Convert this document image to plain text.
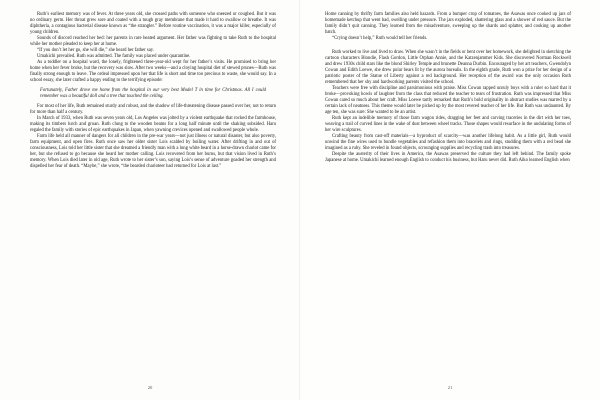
Ruth’s earliest memory was of fever. At three years old, she crossed paths with someone who sneezed or coughed. But it was no ordinary germ. Her throat grew sore and coated with a tough gray membrane that made it hard to swallow or breathe. It was diphtheria, a contagious bacterial disease known as “the strangler.” Before routine vaccination, it was a major killer, especially of young children.

Sounds of discord reached her bed: her parents in rare heated argument. Her father was fighting to take Ruth to the hospital while her mother pleaded to keep her at home.

“If you don’t let her go, she will die,” she heard her father say.

Umakichi prevailed. Ruth was admitted. The family was placed under quarantine.

As a toddler on a hospital ward, the lonely, frightened three-year-old wept for her father’s visits. He promised to bring her home when her fever broke, but the recovery was slow. After two weeks—and a cloying hospital diet of stewed prunes—Ruth was finally strong enough to leave. The ordeal impressed upon her that life is short and time too precious to waste, she would say. In a school essay, she later crafted a happy ending to the terrifying episode:

Fortunately, Father drove me home from the hospital in our very best Model T in time for Christmas. All I could remember was a beautiful doll and a tree that touched the ceiling.

For most of her life, Ruth remained sturdy and robust, and the shadow of life-threatening disease passed over her, not to return for more than half a century.

In March of 1933, when Ruth was seven years old, Los Angeles was jolted by a violent earthquake that rocked the farmhouse, making its timbers lurch and groan. Ruth clung to the wooden beams for a long half minute until the shaking subsided. Haru regaled the family with stories of epic earthquakes in Japan, when yawning crevices opened and swallowed people whole.

Farm life held all manner of dangers for all children in the pre-war years—not just illness or natural disaster, but also poverty, farm equipment, and open fires. Ruth once saw her older sister Lois scalded by boiling water. After drifting in and out of consciousness, Lois told her little sister that she dreamed a friendly man with a long white beard in a horse-drawn chariot came for her, but she refused to go because she heard her mother calling. Lois recovered from her burns, but that vision lived in Ruth’s memory. When Lois died later in old age, Ruth wrote to her sister’s son, saying Lois’s sense of adventure goaded her strength and dispelled her fear of death. “Maybe,” she wrote, “the bearded charioteer had returned for Lois at last.”

20

Home canning by thrifty farm families also held hazards. From a bumper crop of tomatoes, the Asawas once cooked up jars of homemade ketchup that went bad, swelling under pressure. The jars exploded, shattering glass and a shower of red sauce. But the family didn’t quit canning. They learned from the misadventure, sweeping up the shards and splatter, and cooking up another batch.

“Crying doesn’t help,” Ruth would tell her friends.

Ruth worked to live and lived to draw. When she wasn’t in the fields or bent over her homework, she delighted in sketching the cartoon characters Blondie, Flash Gordon, Little Orphan Annie, and the Katzenjammer Kids. She discovered Norman Rockwell and drew 1930s child stars like the blond Shirley Temple and brunette Deanna Durbin. Encouraged by her art teachers, Gwendolyn Cowan and Edith Loewe, she drew polar bears lit by the aurora borealis. In the eighth grade, Ruth won a prize for her design of a patriotic poster of the Statue of Liberty against a red background. Her reception of the award was the only occasion Ruth remembered that her shy and hardworking parents visited the school.

Teachers were free with discipline and parsimonious with praise. Miss Cowan rapped unruly boys with a ruler so hard that it broke—provoking howls of laughter from the class that reduced the teacher to tears of frustration. Ruth was impressed that Miss Cowan cared so much about her craft. Miss Loewe tartly remarked that Ruth’s bold originality in abstract studies was marred by a certain lack of neatness. This theme would later be picked up by the most revered teacher of her life. But Ruth was undaunted. By age ten, she was sure: She wanted to be an artist.

Ruth kept an indelible memory of those farm wagon rides, dragging her feet and carving traceries in the dirt with her toes, weaving a trail of curved lines in the wake of dust between wheel tracks. Those shapes would resurface in the undulating forms of her wire sculptures.

Crafting beauty from cast-off materials—a byproduct of scarcity—was another lifelong habit. As a little girl, Ruth would unwind the fine wires used to bundle vegetables and refashion them into bracelets and rings, studding them with a red bead she imagined as a ruby. She reveled in found objects, scrounging supplies and recycling trash into treasures.

Despite the austerity of their lives in America, the Asawas preserved the culture they had left behind. The family spoke Japanese at home. Umakichi learned enough English to conduct his business, but Haru never did. Ruth Aiko learned English when

21
